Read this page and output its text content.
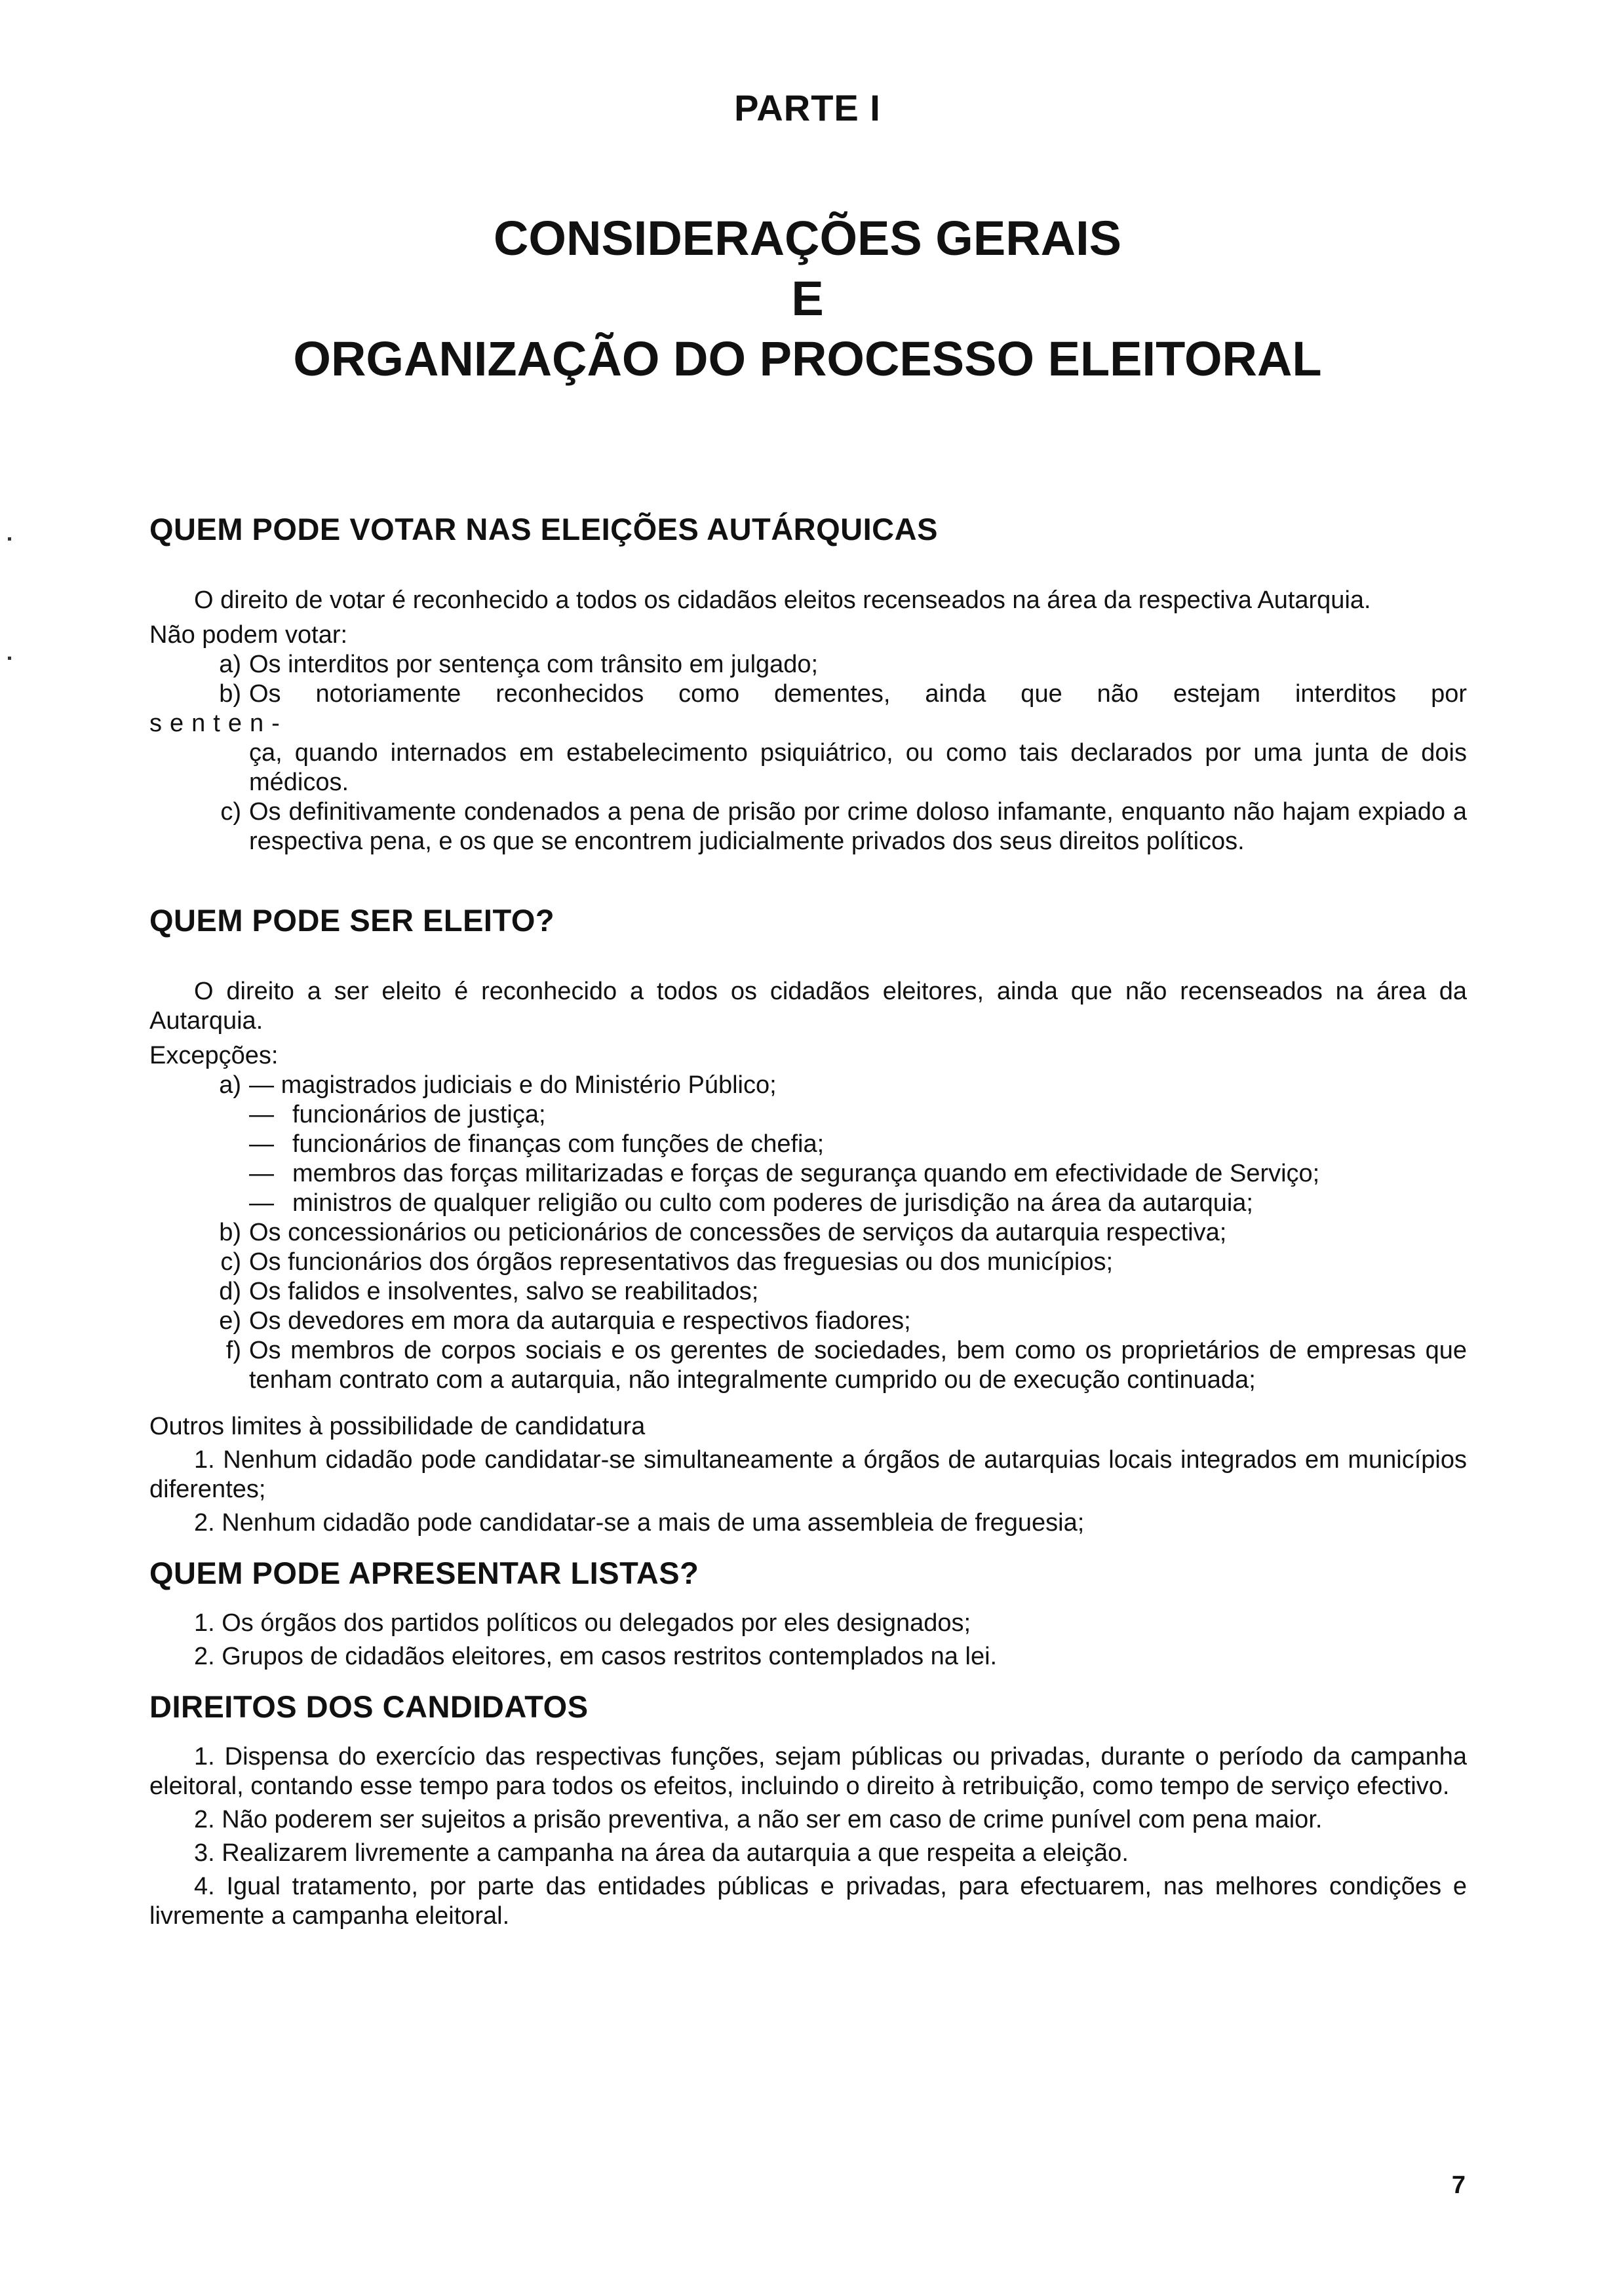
PARTE I
CONSIDERAÇÕES GERAIS
E
ORGANIZAÇÃO DO PROCESSO ELEITORAL
QUEM PODE VOTAR NAS ELEIÇÕES AUTÁRQUICAS

O direito de votar é reconhecido a todos os cidadãos eleitos recenseados na área da respectiva Autarquia.

Não podem votar:

a) Os interditos por sentença com trânsito em julgado;
b) Os notoriamente reconhecidos como dementes, ainda que não estejam interditos por

senten-

ça, quando internados em estabelecimento psiquiátrico, ou como tais declarados por uma junta de dois médicos.

c) Os definitivamente condenados a pena de prisão por crime doloso infamante, enquanto não hajam expiado a respectiva pena, e os que se encontrem judicialmente privados dos seus direitos políticos.
QUEM PODE SER ELEITO?

O direito a ser eleito é reconhecido a todos os cidadãos eleitores, ainda que não recenseados na área da Autarquia.

Excepções:

a) — magistrados judiciais e do Ministério Público;
— funcionários de justiça;
— funcionários de finanças com funções de chefia;
— membros das forças militarizadas e forças de segurança quando em efectividade de Serviço;
— ministros de qualquer religião ou culto com poderes de jurisdição na área da autarquia;
b) Os concessionários ou peticionários de concessões de serviços da autarquia respectiva;
c) Os funcionários dos órgãos representativos das freguesias ou dos municípios;
d) Os falidos e insolventes, salvo se reabilitados;
e) Os devedores em mora da autarquia e respectivos fiadores;
f) Os membros de corpos sociais e os gerentes de sociedades, bem como os proprietários de empresas que tenham contrato com a autarquia, não integralmente cumprido ou de execução continuada;

Outros limites à possibilidade de candidatura

1. Nenhum cidadão pode candidatar-se simultaneamente a órgãos de autarquias locais integrados em municípios diferentes;

2. Nenhum cidadão pode candidatar-se a mais de uma assembleia de freguesia;

QUEM PODE APRESENTAR LISTAS?

1. Os órgãos dos partidos políticos ou delegados por eles designados;

2. Grupos de cidadãos eleitores, em casos restritos contemplados na lei.

DIREITOS DOS CANDIDATOS

1. Dispensa do exercício das respectivas funções, sejam públicas ou privadas, durante o período da campanha eleitoral, contando esse tempo para todos os efeitos, incluindo o direito à retribuição, como tempo de serviço efectivo.

2. Não poderem ser sujeitos a prisão preventiva, a não ser em caso de crime punível com pena maior.

3. Realizarem livremente a campanha na área da autarquia a que respeita a eleição.

4. Igual tratamento, por parte das entidades públicas e privadas, para efectuarem, nas melhores condições e livremente a campanha eleitoral.

7
